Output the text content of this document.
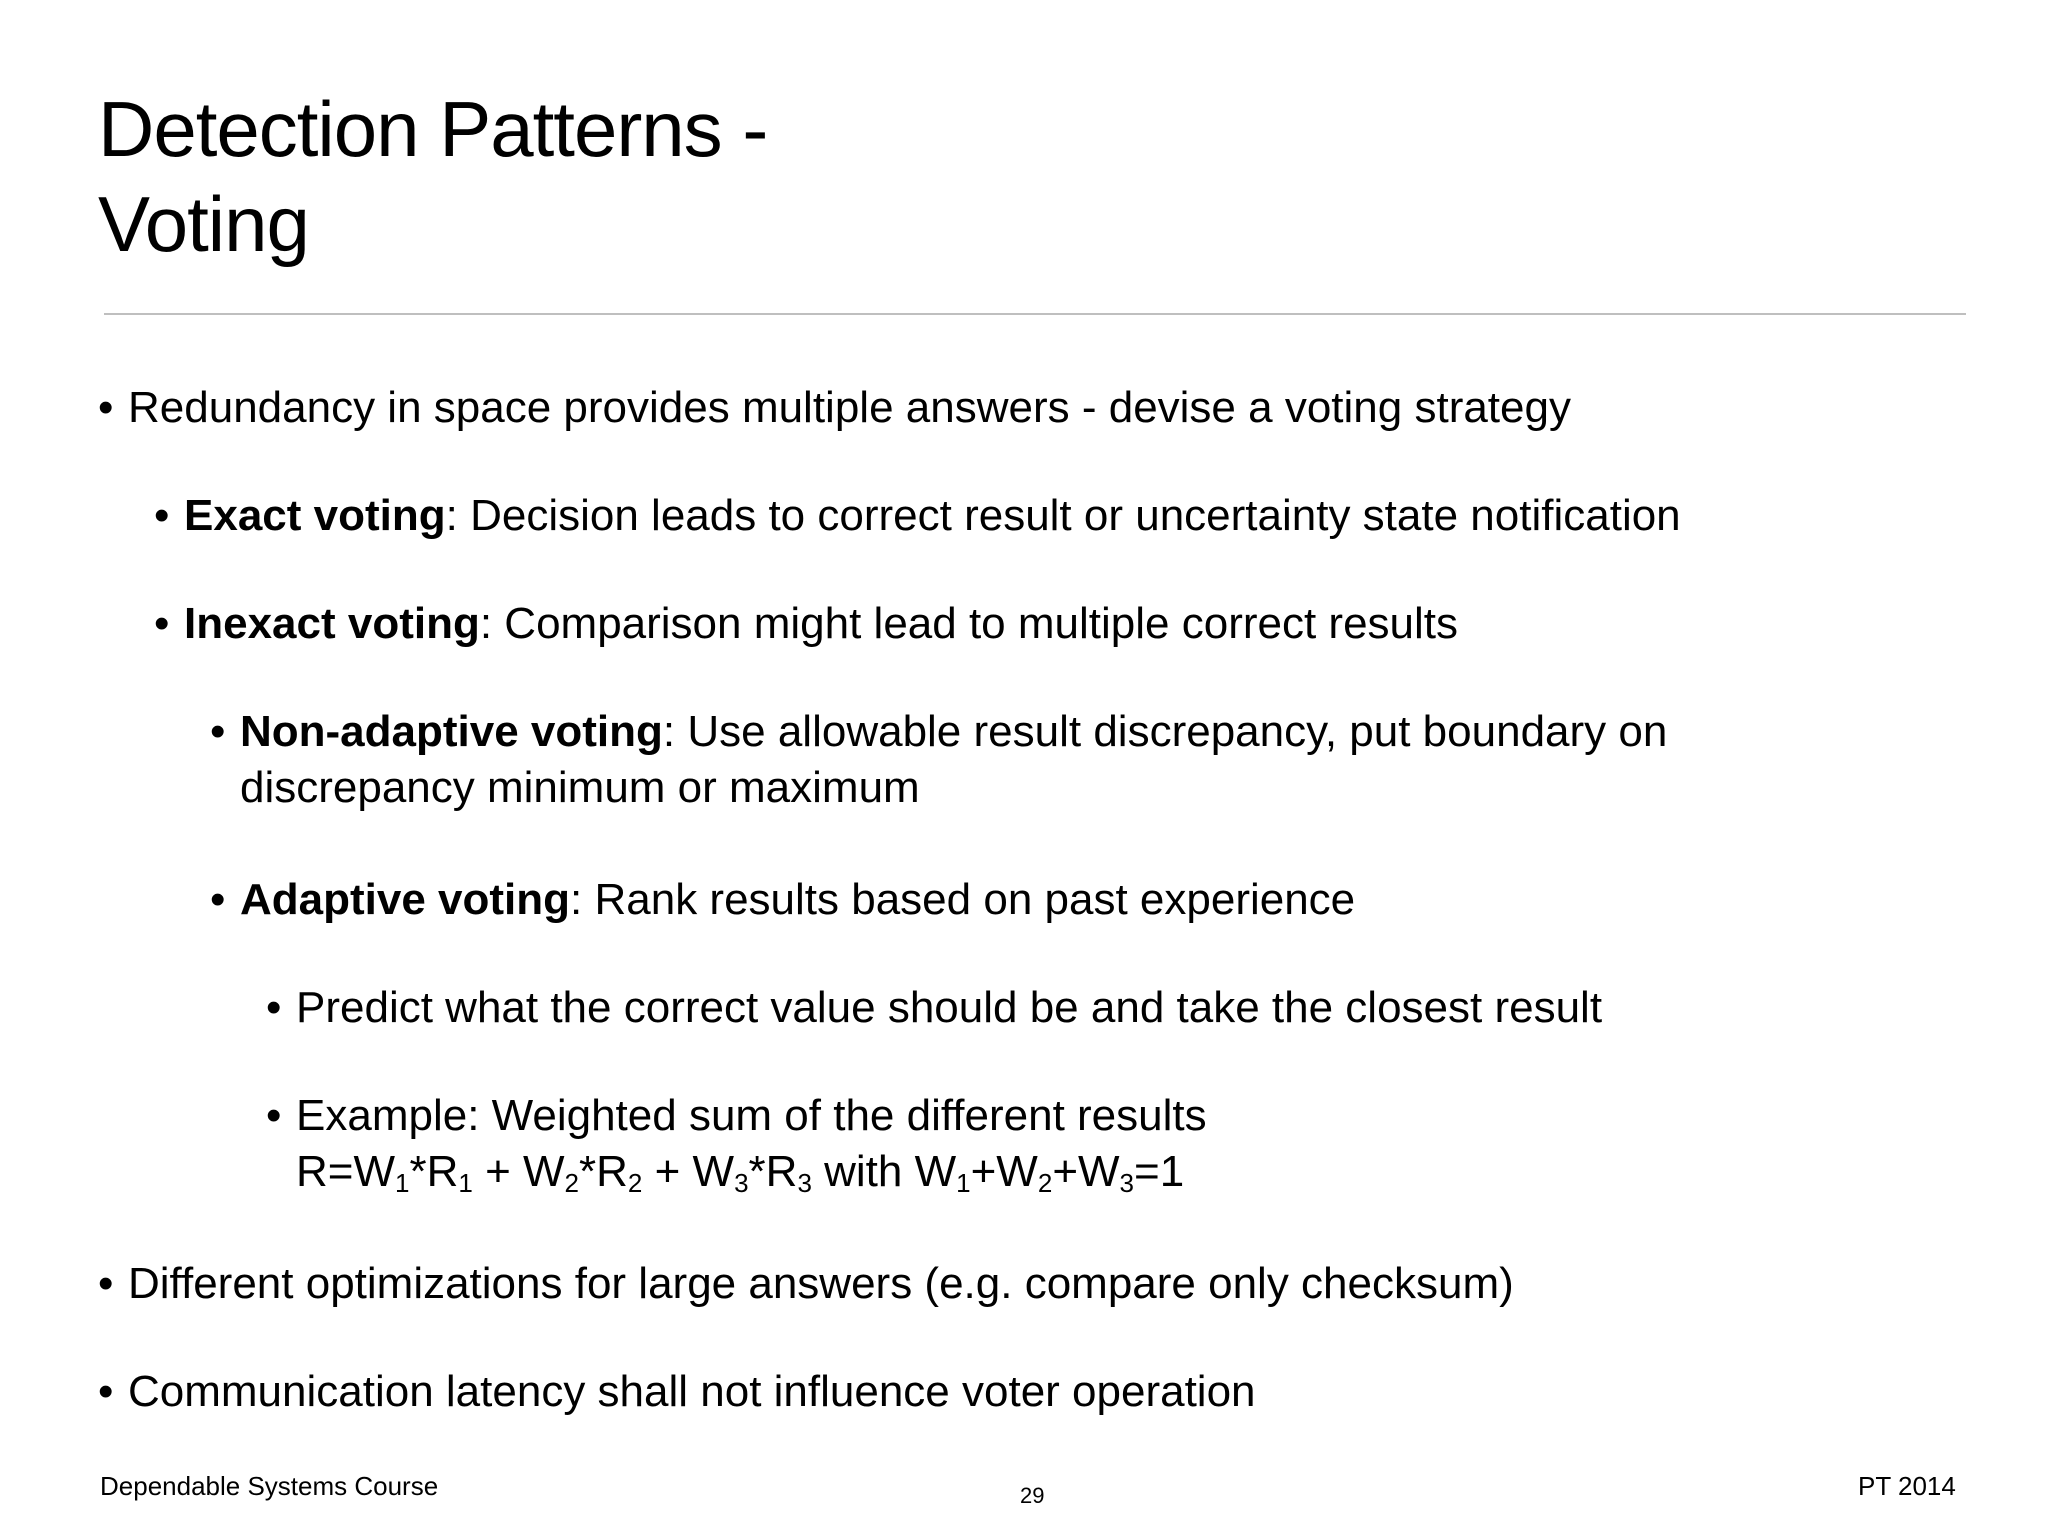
Detection Patterns -
Voting
• Redundancy in space provides multiple answers - devise a voting strategy
• Exact voting: Decision leads to correct result or uncertainty state notification
• Inexact voting: Comparison might lead to multiple correct results
• Non-adaptive voting: Use allowable result discrepancy, put boundary on
discrepancy minimum or maximum
• Adaptive voting: Rank results based on past experience
• Predict what the correct value should be and take the closest result
• Example: Weighted sum of the different results
$R=W_1*R_1 + W_2*R_2 + W_3*R_3$ with $W_1+W_2+W_3=1$
• Different optimizations for large answers (e.g. compare only checksum)
• Communication latency shall not influence voter operation
Dependable Systems Course	29	PT 2014
